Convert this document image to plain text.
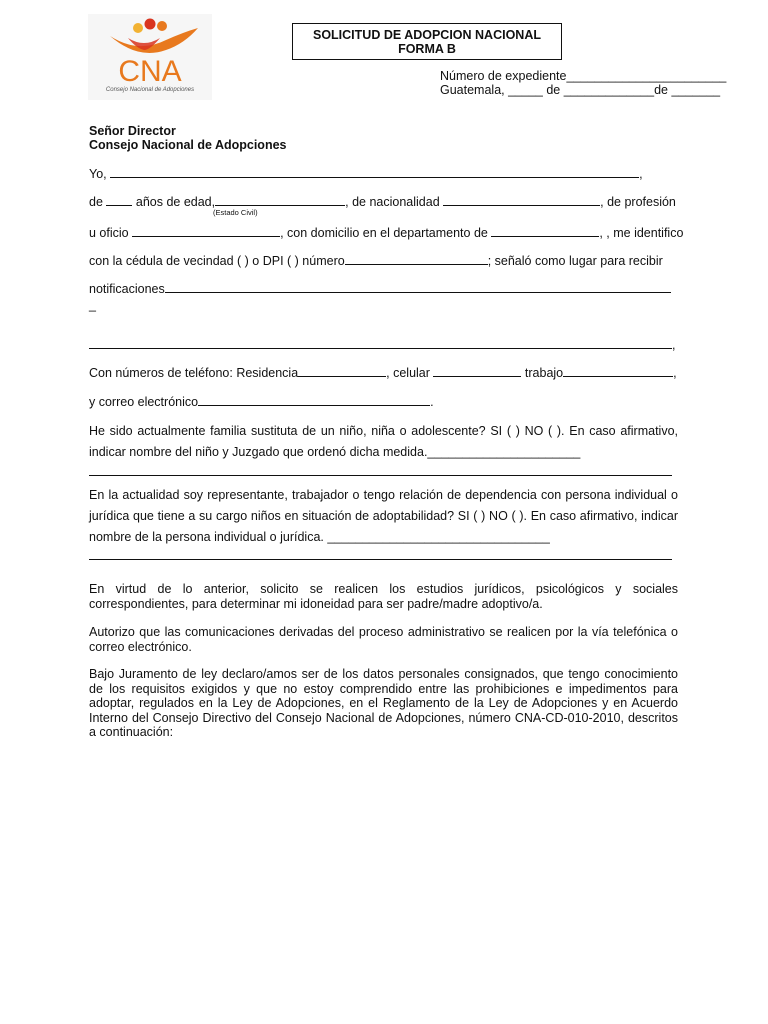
CNA
Consejo Nacional de Adopciones
SOLICITUD DE ADOPCION NACIONAL
FORMA B
Número de expediente_______________________
Guatemala, _____ de _____________de _______
Señor Director
Consejo Nacional de Adopciones
Yo,	,
de	años de edad,	, de nacionalidad	, de profesión
(Estado Civil)
u oficio	, con domicilio en el departamento de	, , me identifico
con la cédula de vecindad ( ) o DPI ( ) número	; señaló como lugar para recibir
notificaciones
_
,
Con números de teléfono: Residencia	, celular	trabajo	,
y correo electrónico	.
He sido actualmente familia sustituta de un niño, niña o adolescente? SI ( ) NO ( ). En caso afirmativo, indicar nombre del niño y Juzgado que ordenó dicha medida.______________________
En la actualidad soy representante, trabajador o tengo relación de dependencia con persona individual o jurídica que tiene a su cargo niños en situación de adoptabilidad? SI ( ) NO ( ). En caso afirmativo, indicar nombre de la persona individual o jurídica. ________________________________
En virtud de lo anterior, solicito se realicen los estudios jurídicos, psicológicos y sociales correspondientes, para determinar mi idoneidad para ser padre/madre adoptivo/a.
Autorizo que las comunicaciones derivadas del proceso administrativo se realicen por la vía telefónica o correo electrónico.
Bajo Juramento de ley declaro/amos ser de los datos personales consignados, que tengo conocimiento de los requisitos exigidos y que no estoy comprendido entre las prohibiciones e impedimentos para adoptar, regulados en la Ley de Adopciones, en el Reglamento de la Ley de Adopciones y en Acuerdo Interno del Consejo Directivo del Consejo Nacional de Adopciones, número CNA-CD-010-2010, descritos a continuación:
